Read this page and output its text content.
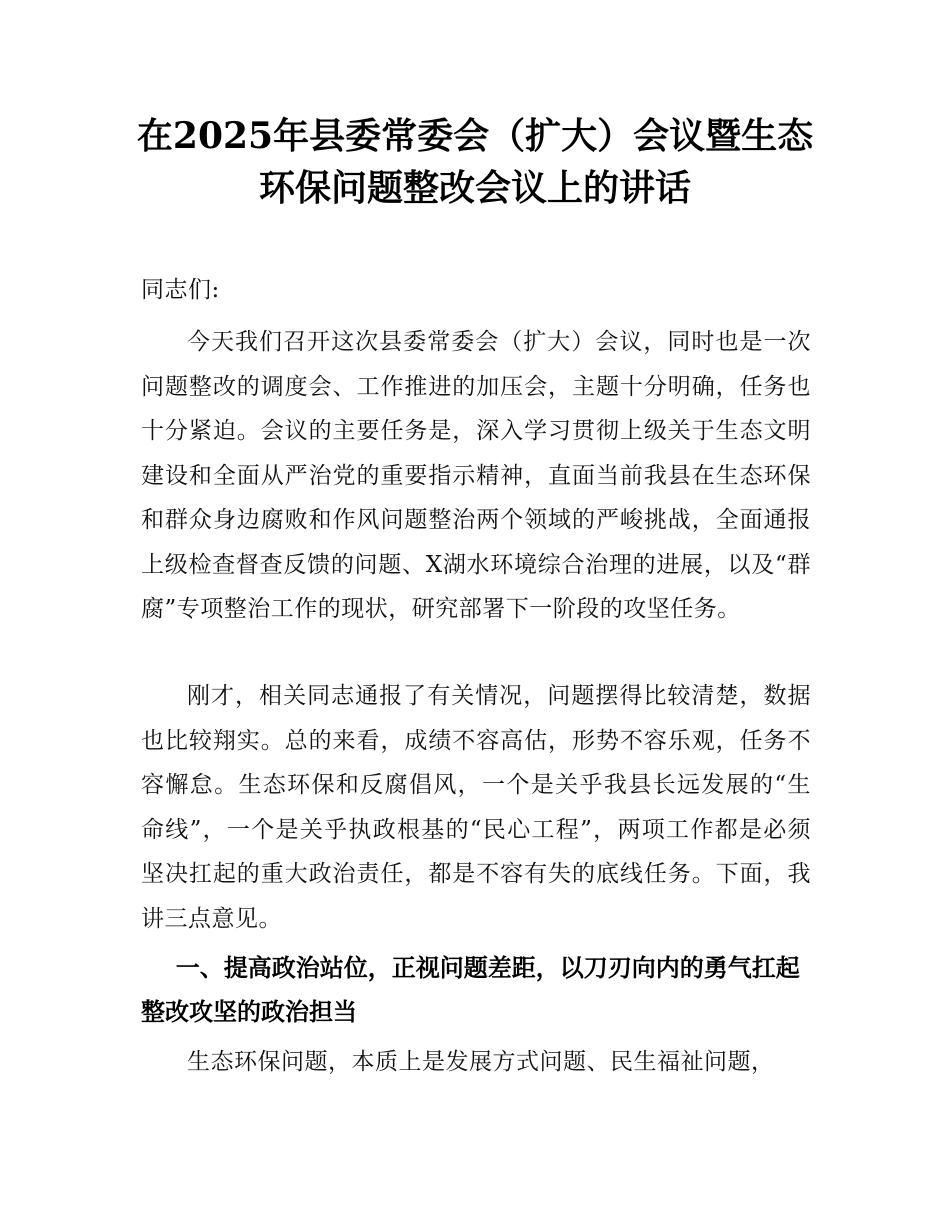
在2025年县委常委会（扩大）会议暨生态环保问题整改会议上的讲话

同志们:

今天我们召开这次县委常委会（扩大）会议，同时也是一次问题整改的调度会、工作推进的加压会，主题十分明确，任务也十分紧迫。会议的主要任务是，深入学习贯彻上级关于生态文明建设和全面从严治党的重要指示精神，直面当前我县在生态环保和群众身边腐败和作风问题整治两个领域的严峻挑战，全面通报上级检查督查反馈的问题、X湖水环境综合治理的进展，以及“群腐”专项整治工作的现状，研究部署下一阶段的攻坚任务。

刚才，相关同志通报了有关情况，问题摆得比较清楚，数据也比较翔实。总的来看，成绩不容高估，形势不容乐观，任务不容懈怠。生态环保和反腐倡风，一个是关乎我县长远发展的“生命线”，一个是关乎执政根基的“民心工程”，两项工作都是必须坚决扛起的重大政治责任，都是不容有失的底线任务。下面，我讲三点意见。

一、提高政治站位，正视问题差距，以刀刃向内的勇气扛起整改攻坚的政治担当

生态环保问题，本质上是发展方式问题、民生福祉问题，
